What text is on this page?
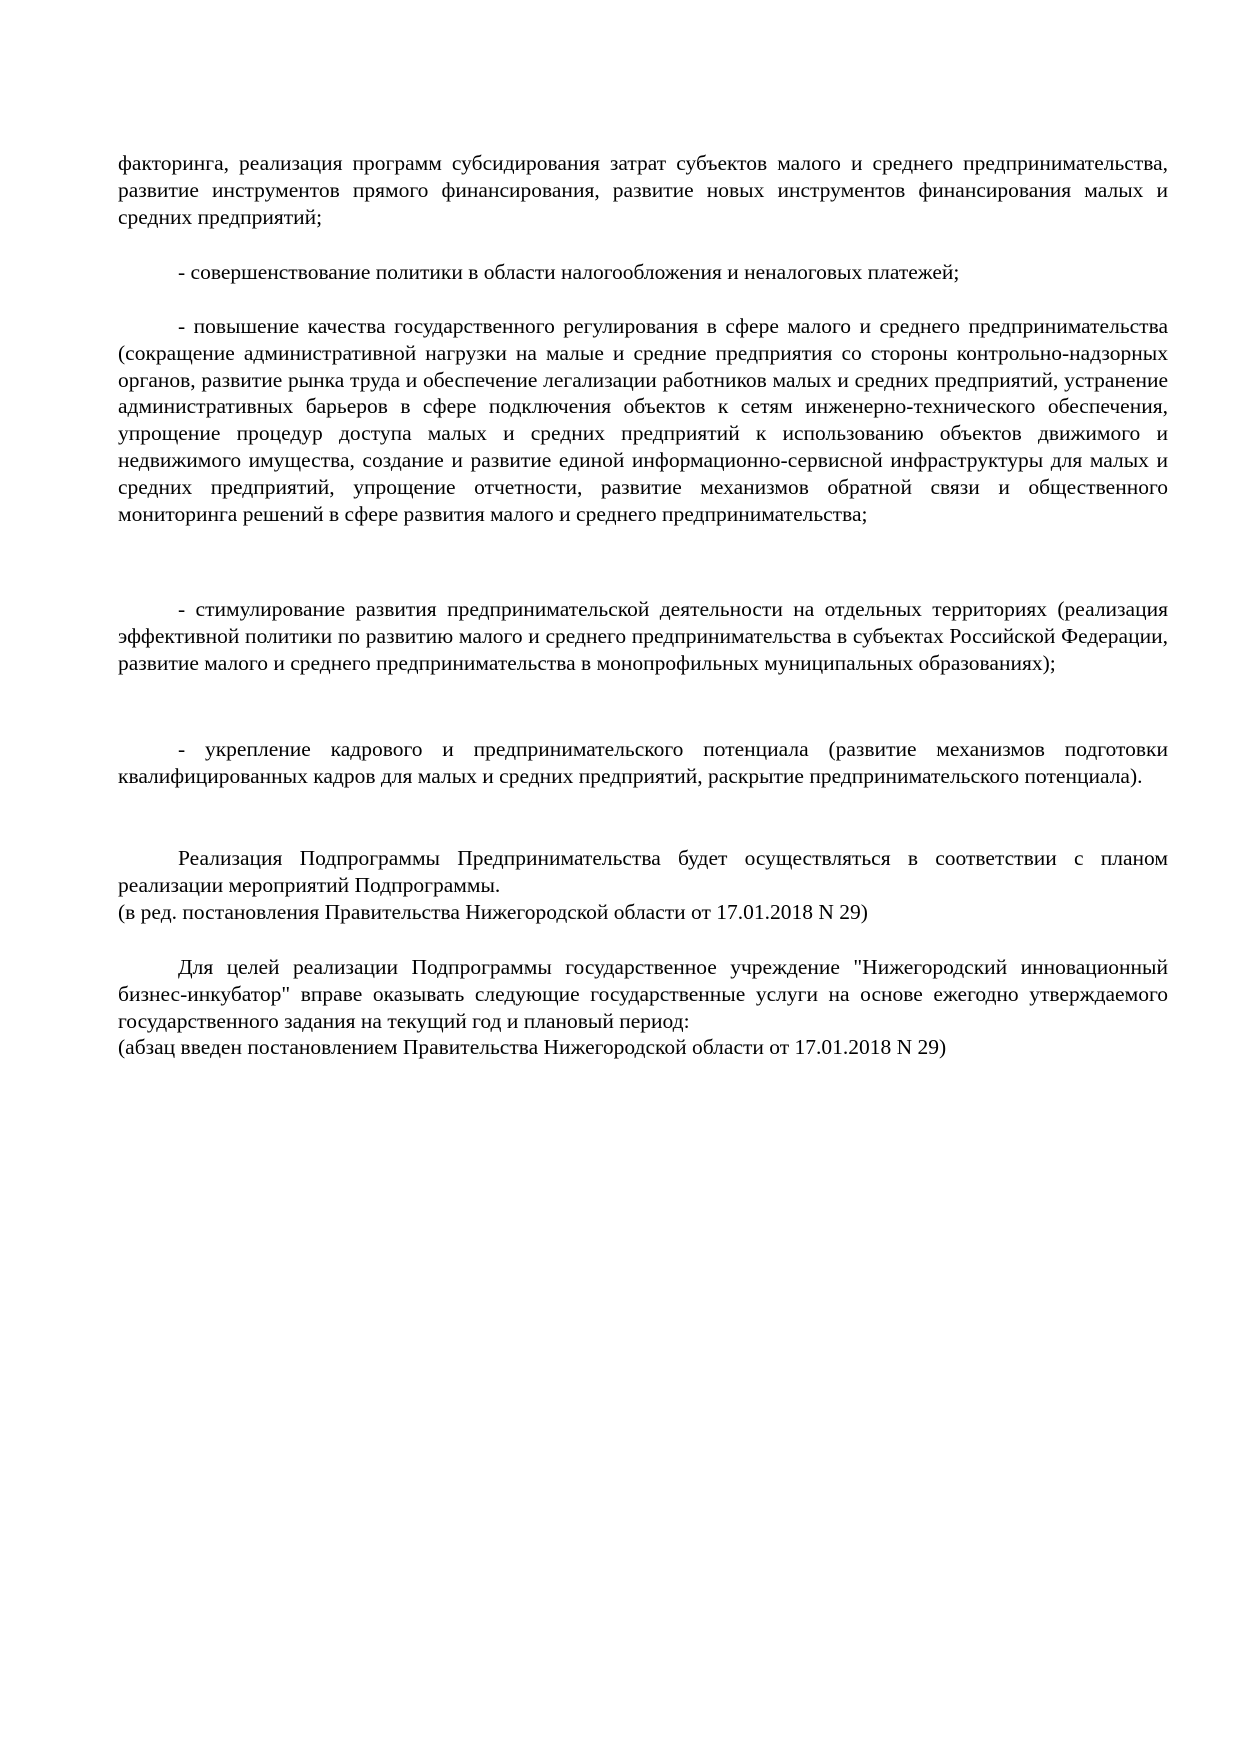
факторинга, реализация программ субсидирования затрат субъектов малого и среднего предпринимательства, развитие инструментов прямого финансирования, развитие новых инструментов финансирования малых и средних предприятий;
- совершенствование политики в области налогообложения и неналоговых платежей;
- повышение качества государственного регулирования в сфере малого и среднего предпринимательства (сокращение административной нагрузки на малые и средние предприятия со стороны контрольно-надзорных органов, развитие рынка труда и обеспечение легализации работников малых и средних предприятий, устранение административных барьеров в сфере подключения объектов к сетям инженерно-технического обеспечения, упрощение процедур доступа малых и средних предприятий к использованию объектов движимого и недвижимого имущества, создание и развитие единой информационно-сервисной инфраструктуры для малых и средних предприятий, упрощение отчетности, развитие механизмов обратной связи и общественного мониторинга решений в сфере развития малого и среднего предпринимательства;
- стимулирование развития предпринимательской деятельности на отдельных территориях (реализация эффективной политики по развитию малого и среднего предпринимательства в субъектах Российской Федерации, развитие малого и среднего предпринимательства в монопрофильных муниципальных образованиях);
- укрепление кадрового и предпринимательского потенциала (развитие механизмов подготовки квалифицированных кадров для малых и средних предприятий, раскрытие предпринимательского потенциала).
Реализация Подпрограммы Предпринимательства будет осуществляться в соответствии с планом реализации мероприятий Подпрограммы.
(в ред. постановления Правительства Нижегородской области от 17.01.2018 N 29)
Для целей реализации Подпрограммы государственное учреждение "Нижегородский инновационный бизнес-инкубатор" вправе оказывать следующие государственные услуги на основе ежегодно утверждаемого государственного задания на текущий год и плановый период:
(абзац введен постановлением Правительства Нижегородской области от 17.01.2018 N 29)
